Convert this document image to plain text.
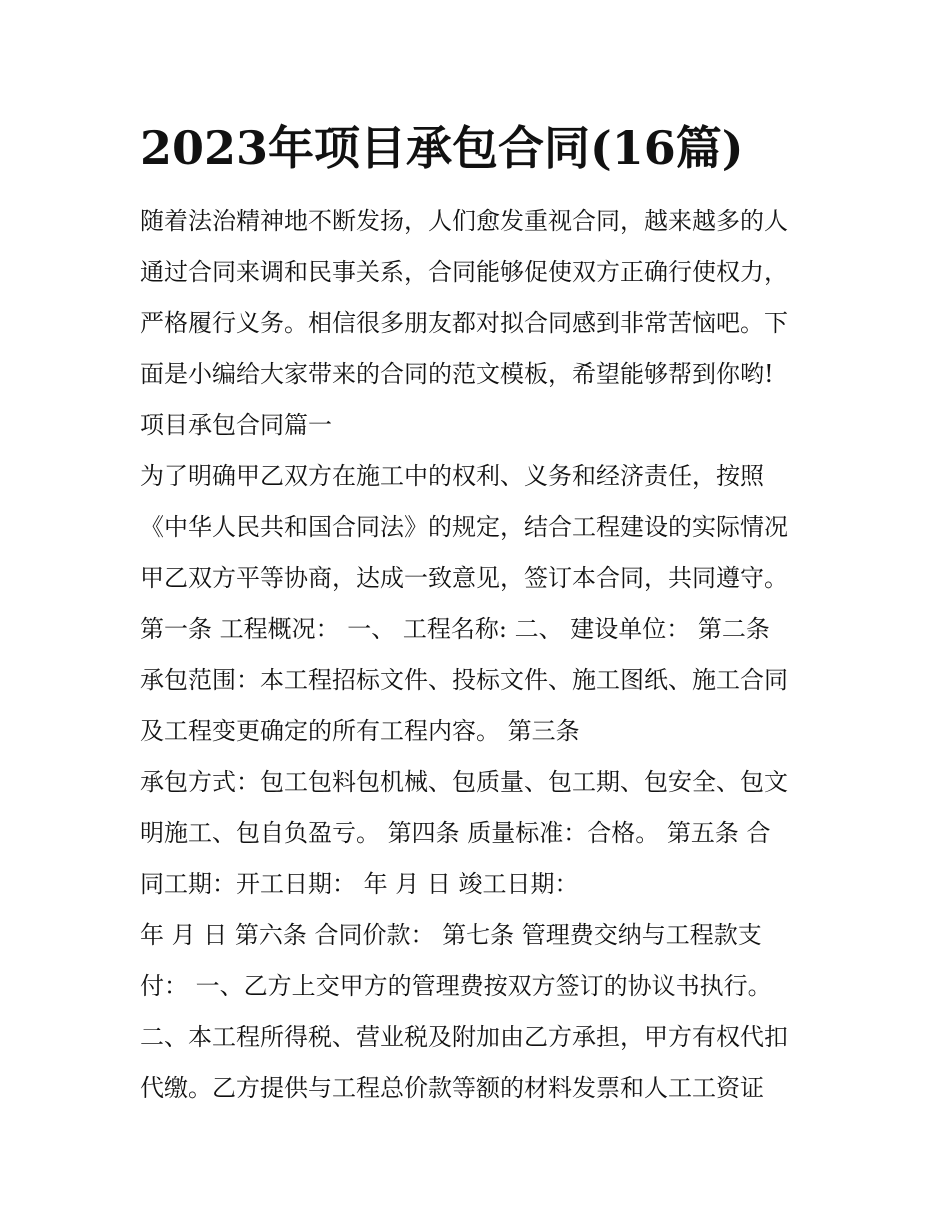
2023年项目承包合同(16篇)
随着法治精神地不断发扬，人们愈发重视合同，越来越多的人
通过合同来调和民事关系，合同能够促使双方正确行使权力，
严格履行义务。相信很多朋友都对拟合同感到非常苦恼吧。下
面是小编给大家带来的合同的范文模板，希望能够帮到你哟!
项目承包合同篇一
为了明确甲乙双方在施工中的权利、义务和经济责任，按照
《中华人民共和国合同法》的规定，结合工程建设的实际情况
甲乙双方平等协商，达成一致意见，签订本合同，共同遵守。
第一条 工程概况： 一、 工程名称: 二、 建设单位： 第二条
承包范围：本工程招标文件、投标文件、施工图纸、施工合同
及工程变更确定的所有工程内容。 第三条
承包方式：包工包料包机械、包质量、包工期、包安全、包文
明施工、包自负盈亏。 第四条 质量标准：合格。 第五条 合
同工期：开工日期： 年 月 日 竣工日期：
年 月 日 第六条 合同价款： 第七条 管理费交纳与工程款支
付： 一、乙方上交甲方的管理费按双方签订的协议书执行。
二、本工程所得税、营业税及附加由乙方承担，甲方有权代扣
代缴。乙方提供与工程总价款等额的材料发票和人工工资证
